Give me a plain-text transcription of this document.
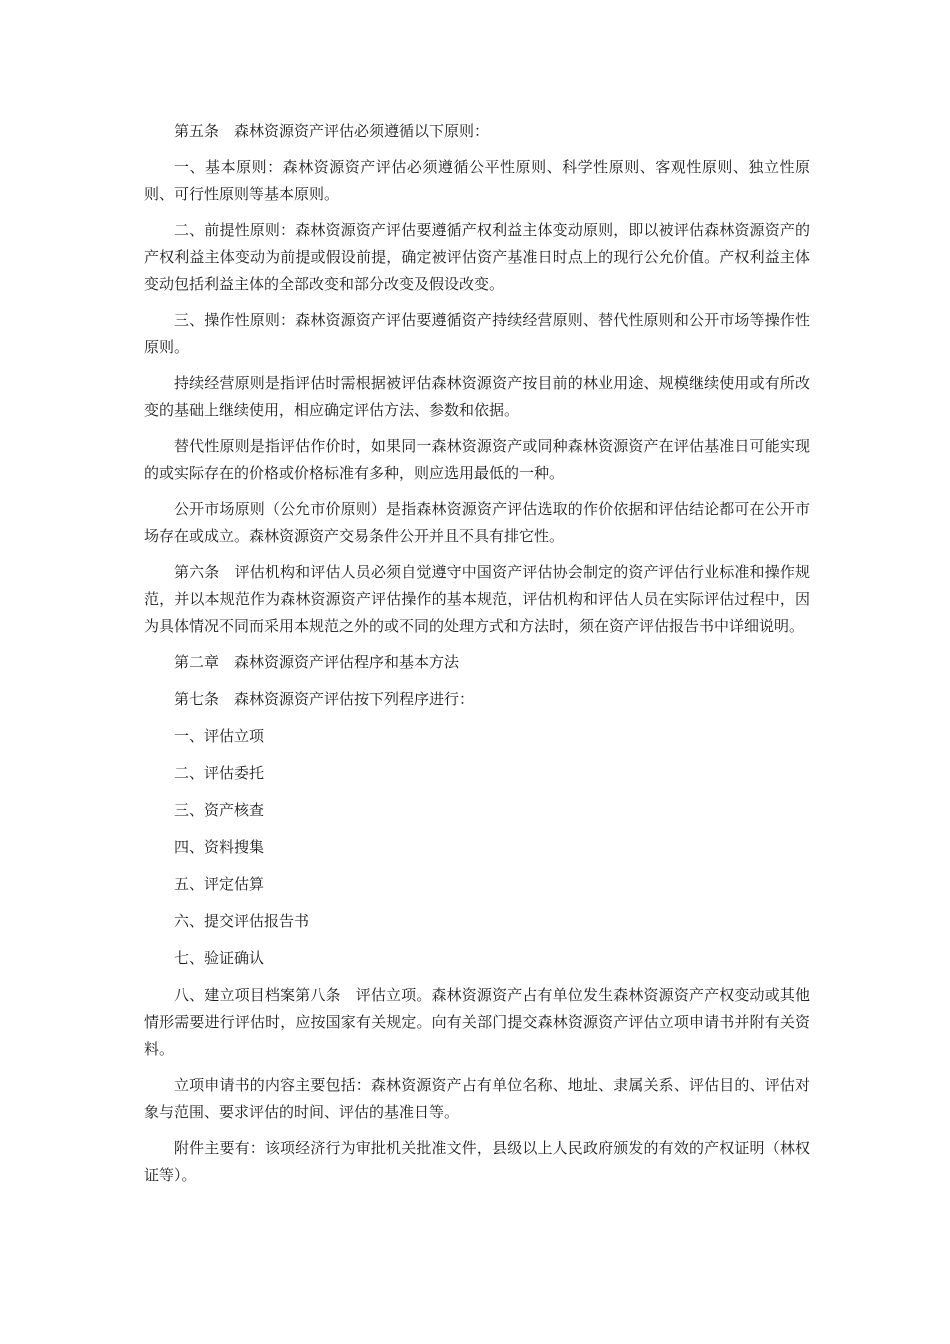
第五条　森林资源资产评估必须遵循以下原则：

一、基本原则：森林资源资产评估必须遵循公平性原则、科学性原则、客观性原则、独立性原则、可行性原则等基本原则。

二、前提性原则：森林资源资产评估要遵循产权利益主体变动原则，即以被评估森林资源资产的产权利益主体变动为前提或假设前提，确定被评估资产基准日时点上的现行公允价值。产权利益主体变动包括利益主体的全部改变和部分改变及假设改变。

三、操作性原则：森林资源资产评估要遵循资产持续经营原则、替代性原则和公开市场等操作性原则。

持续经营原则是指评估时需根据被评估森林资源资产按目前的林业用途、规模继续使用或有所改变的基础上继续使用，相应确定评估方法、参数和依据。

替代性原则是指评估作价时，如果同一森林资源资产或同种森林资源资产在评估基准日可能实现的或实际存在的价格或价格标准有多种，则应选用最低的一种。

公开市场原则（公允市价原则）是指森林资源资产评估选取的作价依据和评估结论都可在公开市场存在或成立。森林资源资产交易条件公开并且不具有排它性。

第六条　评估机构和评估人员必须自觉遵守中国资产评估协会制定的资产评估行业标准和操作规范，并以本规范作为森林资源资产评估操作的基本规范，评估机构和评估人员在实际评估过程中，因为具体情况不同而采用本规范之外的或不同的处理方式和方法时，须在资产评估报告书中详细说明。

第二章　森林资源资产评估程序和基本方法

第七条　森林资源资产评估按下列程序进行：

一、评估立项

二、评估委托

三、资产核查

四、资料搜集

五、评定估算

六、提交评估报告书

七、验证确认

八、建立项目档案第八条　评估立项。森林资源资产占有单位发生森林资源资产产权变动或其他情形需要进行评估时，应按国家有关规定。向有关部门提交森林资源资产评估立项申请书并附有关资料。

立项申请书的内容主要包括：森林资源资产占有单位名称、地址、隶属关系、评估目的、评估对象与范围、要求评估的时间、评估的基准日等。

附件主要有：该项经济行为审批机关批准文件，县级以上人民政府颁发的有效的产权证明（林权证等）。
